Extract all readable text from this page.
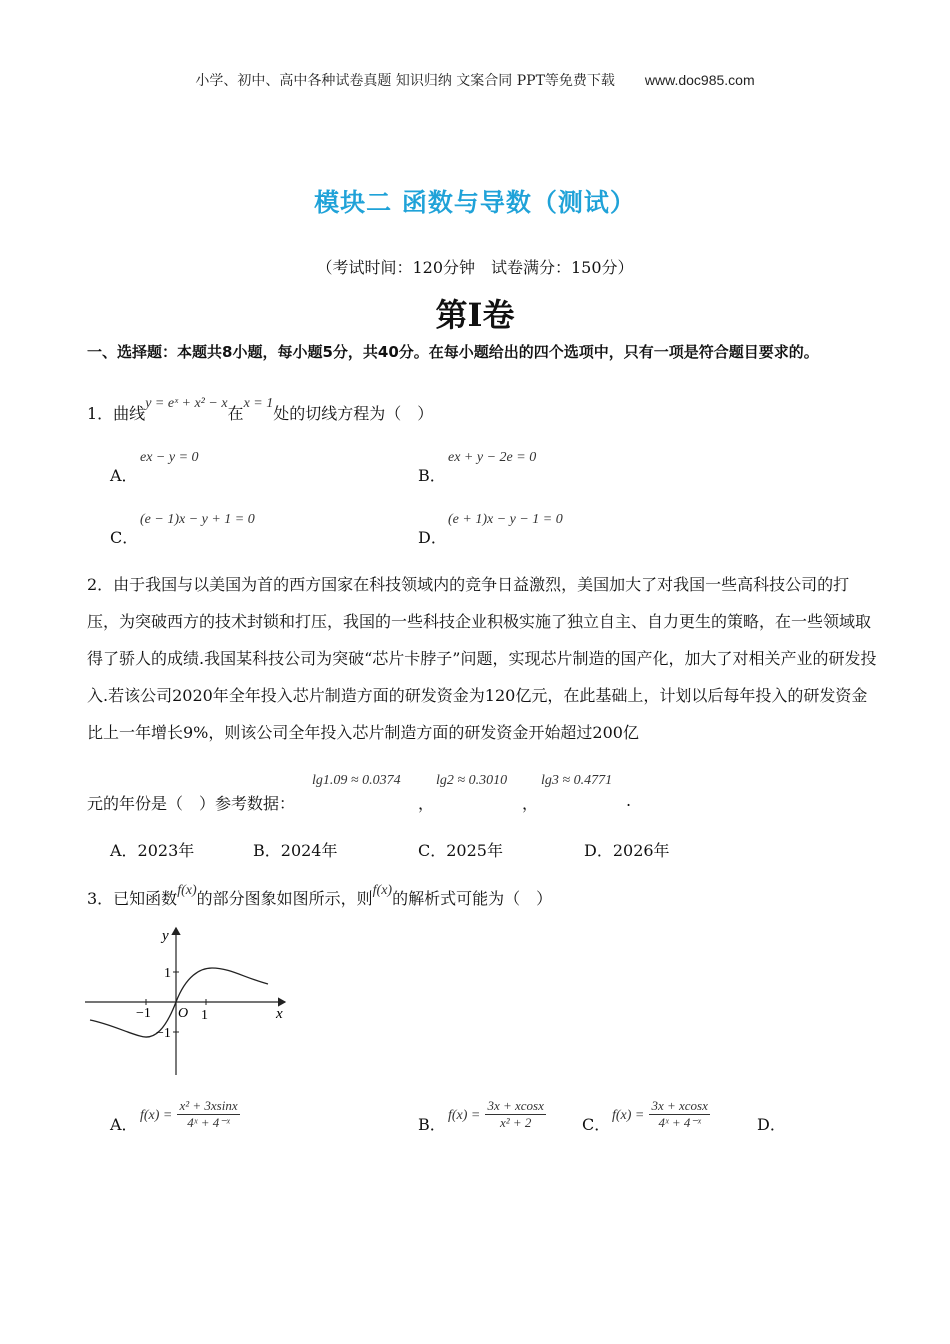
小学、初中、高中各种试卷真题 知识归纳 文案合同 PPT等免费下载 www.doc985.com
模块二 函数与导数（测试）
（考试时间：120分钟　试卷满分：150分）
第I卷
一、选择题：本题共8小题，每小题5分，共40分。在每小题给出的四个选项中，只有一项是符合题目要求的。
1．曲线y = eˣ + x² − x在x = 1处的切线方程为（　）
A．
ex − y = 0
B．
ex + y − 2e = 0
C．
(e − 1)x − y + 1 = 0
D．
(e + 1)x − y − 1 = 0
2．由于我国与以美国为首的西方国家在科技领域内的竞争日益激烈，美国加大了对我国一些高科技公司的打压，为突破西方的技术封锁和打压，我国的一些科技企业积极实施了独立自主、自力更生的策略，在一些领域取得了骄人的成绩.我国某科技公司为突破“芯片卡脖子”问题，实现芯片制造的国产化，加大了对相关产业的研发投入.若该公司2020年全年投入芯片制造方面的研发资金为120亿元，在此基础上，计划以后每年投入的研发资金比上一年增长9%，则该公司全年投入芯片制造方面的研发资金开始超过200亿
元的年份是（　）参考数据：
lg1.09 ≈ 0.0374
，
lg2 ≈ 0.3010
，
lg3 ≈ 0.4771
.
A．2023年	B．2024年	C．2025年	D．2026年
3．已知函数f(x)的部分图象如图所示，则f(x)的解析式可能为（　）
y
x
O 1
−1
1
−1
A． $f(x) = \frac{\text{x² + 3xsinx}}{\text{4ˣ + 4⁻ˣ}}$	B． $f(x) = \frac{3x + xcosx}{\text{x² + 2}}$ C． $f(x) = \frac{3x + xcosx}{\text{4ˣ + 4⁻ˣ}}$	D．
